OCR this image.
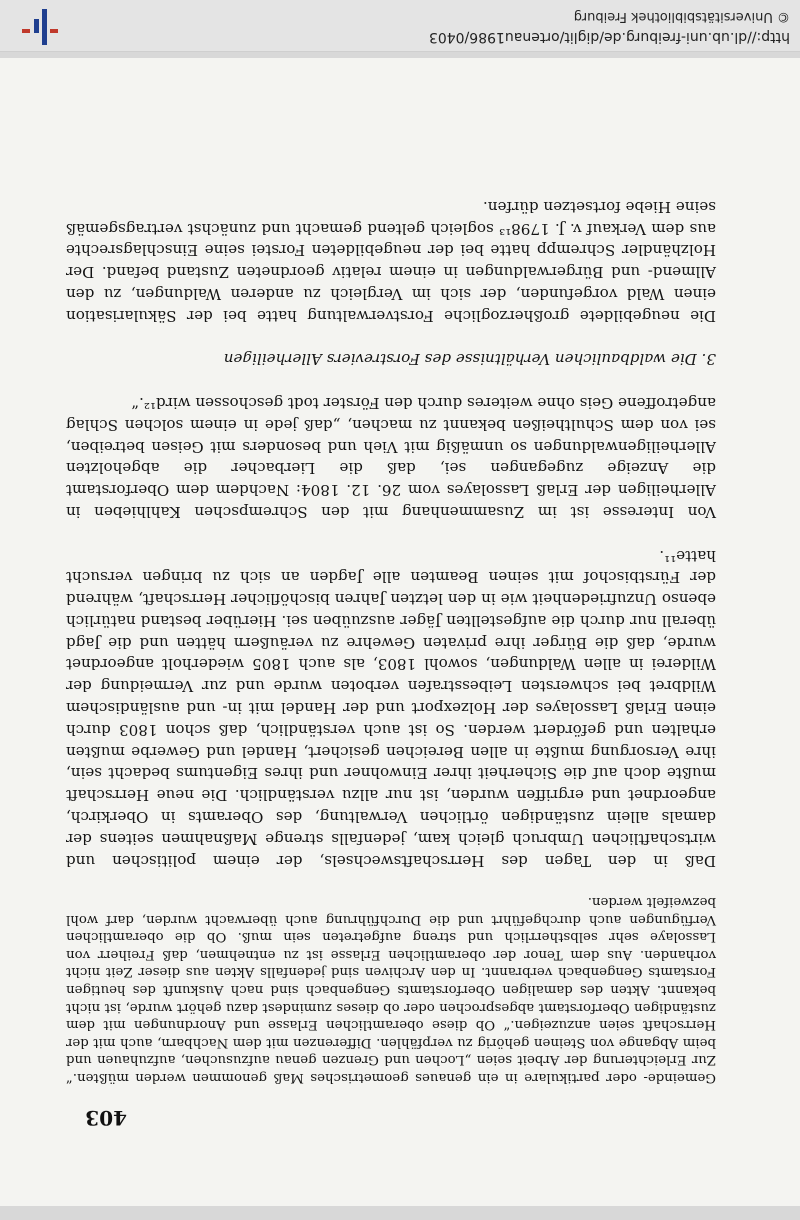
Gemeinde- oder partikulare in ein genaues geometrisches Maß genommen werden müßten.“ Zur Erleichterung der Arbeit seien „Lochen und Grenzen genau aufzusuchen, aufzuhauen und beim Abgange von Steinen gehörig zu verpfählen. Differenzen mit dem Nachbarn, auch mit der Herrschaft seien anzuzeigen.“ Ob diese oberamtlichen Erlasse und Anordnungen mit dem zuständigen Oberforstamt abgesprochen oder ob dieses zumindest dazu gehört wurde, ist nicht bekannt. Akten des damaligen Oberforstamts Gengenbach sind nach Auskunft des heutigen Forstamts Gengenbach verbrannt. In den Archiven sind jedenfalls Akten aus dieser Zeit nicht vorhanden. Aus dem Tenor der oberamtlichen Erlasse ist zu entnehmen, daß Freiherr von Lassolaye sehr selbstherrlich und streng aufgetreten sein muß. Ob die oberamtlichen Verfügungen auch durchgeführt und die Durchführung auch überwacht wurden, darf wohl bezweifelt werden.

Daß in den Tagen des Herrschaftswechsels, der einem politischen und wirtschaftlichen Umbruch gleich kam, jedenfalls strenge Maßnahmen seitens der damals allein zuständigen örtlichen Verwaltung, des Oberamts in Oberkirch, angeordnet und ergriffen wurden, ist nur allzu verständlich. Die neue Herrschaft mußte doch auf die Sicherheit ihrer Einwohner und ihres Eigentums bedacht sein, ihre Versorgung mußte in allen Bereichen gesichert, Handel und Gewerbe mußten erhalten und gefördert werden. So ist auch verständlich, daß schon 1803 durch einen Erlaß Lassolayes der Holzexport und der Handel mit in- und ausländischem Wildbret bei schwersten Leibesstrafen verboten wurde und zur Vermeidung der Wilderei in allen Waldungen, sowohl 1803, als auch 1805 wiederholt angeordnet wurde, daß die Bürger ihre privaten Gewehre zu veräußern hätten und die Jagd überall nur durch die aufgestellten Jäger auszuüben sei. Hierüber bestand natürlich ebenso Unzufriedenheit wie in den letzten Jahren bischöflicher Herrschaft, während der Fürstbischof mit seinen Beamten alle Jagden an sich zu bringen versucht hatte¹¹.

Von Interesse ist im Zusammenhang mit den Schrempschen Kahlhieben in Allerheiligen der Erlaß Lassolayes vom 26. 12. 1804: Nachdem dem Oberforstamt die Anzeige zugegangen sei, daß die Lierbacher die abgeholzten Allerheiligenwaldungen so unmäßig mit Vieh und besonders mit Geisen betreiben, sei von dem Schultheißen bekannt zu machen, „daß jede in einem solchen Schlag angetroffene Geis ohne weiteres durch den Förster todt geschossen wird¹².“

3. Die waldbaulichen Verhältnisse des Forstreviers Allerheiligen

Die neugebildete großherzogliche Forstverwaltung hatte bei der Säkularisation einen Wald vorgefunden, der sich im Vergleich zu anderen Waldungen, zu den Allmend- und Bürgerwaldungen in einem relativ geordneten Zustand befand. Der Holzhändler Schrempp hatte bei der neugebildeten Forstei seine Einschlagsrechte aus dem Verkauf v. J. 1798¹³ sogleich geltend gemacht und zunächst vertragsgemäß seine Hiebe fortsetzen dürfen.

403
http://dl.ub.uni-freiburg.de/diglit/ortenau1986/0403
© Universitätsbibliothek Freiburg
